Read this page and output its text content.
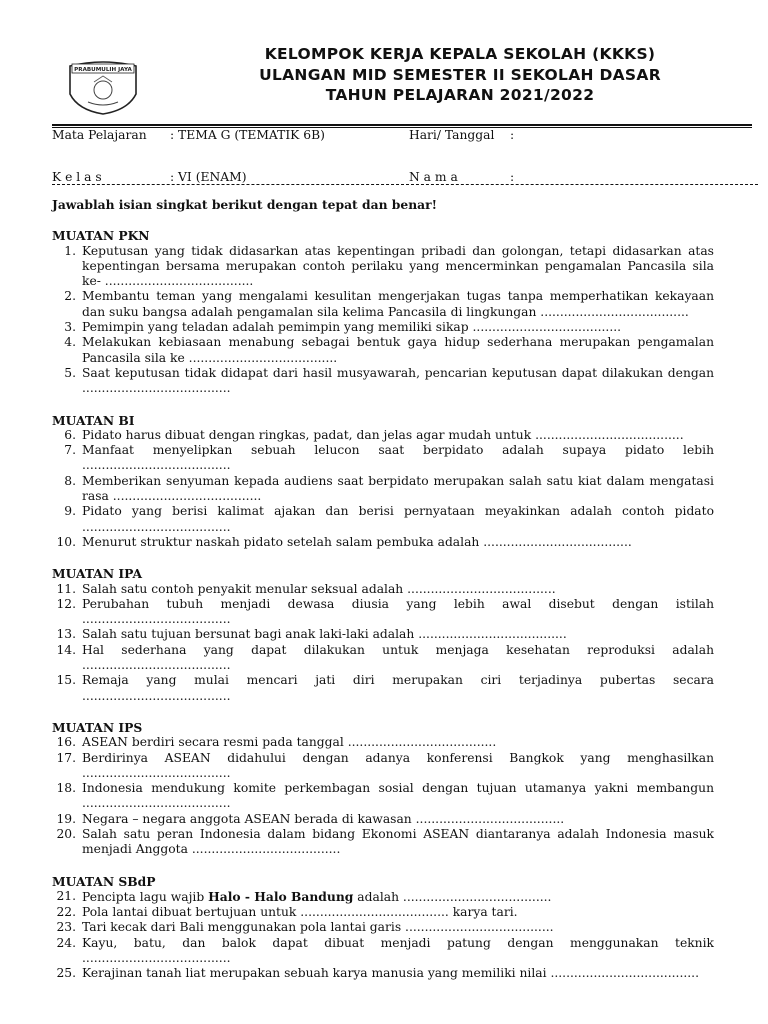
PRABUMULIH JAYA
KELOMPOK KERJA KEPALA SEKOLAH (KKKS)
ULANGAN MID SEMESTER II SEKOLAH DASAR
TAHUN PELAJARAN 2021/2022
Mata Pelajaran : TEMA G (TEMATIK 6B)	Hari/ Tanggal :
K e l a s	: VI (ENAM)	N a m a	:

Jawablah isian singkat berikut dengan tepat dan benar!

MUATAN PKN

1. Keputusan yang tidak didasarkan atas kepentingan pribadi dan golongan, tetapi didasarkan atas kepentingan bersama merupakan contoh perilaku yang mencerminkan pengamalan Pancasila sila ke- ......................................
2. Membantu teman yang mengalami kesulitan mengerjakan tugas tanpa memperhatikan kekayaan dan suku bangsa adalah pengamalan sila kelima Pancasila di lingkungan ......................................
3. Pemimpin yang teladan adalah pemimpin yang memiliki sikap ......................................
4. Melakukan kebiasaan menabung sebagai bentuk gaya hidup sederhana merupakan pengamalan Pancasila sila ke ......................................
5. Saat keputusan tidak didapat dari hasil musyawarah, pencarian keputusan dapat dilakukan dengan ......................................

MUATAN BI

6. Pidato harus dibuat dengan ringkas, padat, dan jelas agar mudah untuk ......................................
7. Manfaat menyelipkan sebuah lelucon saat berpidato adalah supaya pidato lebih ......................................
8. Memberikan senyuman kepada audiens saat berpidato merupakan salah satu kiat dalam mengatasi rasa ......................................
9. Pidato yang berisi kalimat ajakan dan berisi pernyataan meyakinkan adalah contoh pidato ......................................
10. Menurut struktur naskah pidato setelah salam pembuka adalah ......................................

MUATAN IPA

11. Salah satu contoh penyakit menular seksual adalah ......................................
12. Perubahan tubuh menjadi dewasa diusia yang lebih awal disebut dengan istilah ......................................
13. Salah satu tujuan bersunat bagi anak laki-laki adalah ......................................
14. Hal sederhana yang dapat dilakukan untuk menjaga kesehatan reproduksi adalah ......................................
15. Remaja yang mulai mencari jati diri merupakan ciri terjadinya pubertas secara ......................................

MUATAN IPS

16. ASEAN berdiri secara resmi pada tanggal ......................................
17. Berdirinya ASEAN didahului dengan adanya konferensi Bangkok yang menghasilkan ......................................
18. Indonesia mendukung komite perkembagan sosial dengan tujuan utamanya yakni membangun ......................................
19. Negara – negara anggota ASEAN berada di kawasan ......................................
20. Salah satu peran Indonesia dalam bidang Ekonomi ASEAN diantaranya adalah Indonesia masuk menjadi Anggota ......................................

MUATAN SBdP

21. Pencipta lagu wajib Halo - Halo Bandung adalah ......................................
22. Pola lantai dibuat bertujuan untuk ...................................... karya tari.
23. Tari kecak dari Bali menggunakan pola lantai garis ......................................
24. Kayu, batu, dan balok dapat dibuat menjadi patung dengan menggunakan teknik ......................................
25. Kerajinan tanah liat merupakan sebuah karya manusia yang memiliki nilai ......................................
